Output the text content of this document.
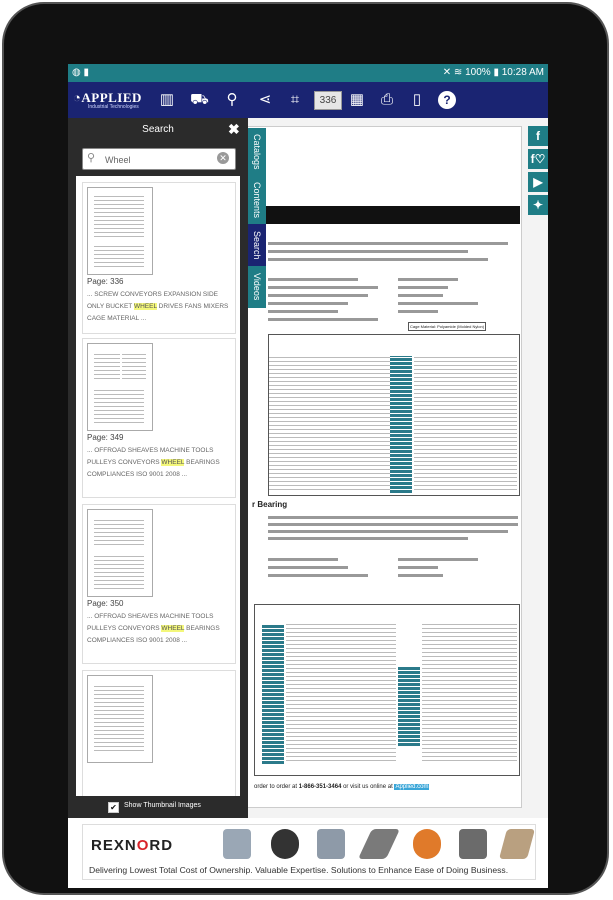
◍ ▮	✕ ≋ 100% ▮ 10:28 AM
◔APPLIED
Industrial Technologies ▥ ⛟ ⚲ ⋖	⌗	336 ▦ ⎙	▯	?
Cage Material: Polyamide (Molded Nylon)
r Bearing
order to order at 1-866-351-3464 or visit us online at Applied.com
f
f♡
▶
✦
Catalogs
Contents
Search
Videos
Search	✖
⚲
Wheel	✕
Page: 336
... SCREW CONVEYORS EXPANSION SIDE ONLY BUCKET WHEEL DRIVES FANS MIXERS CAGE MATERIAL ...
Page: 349
... OFFROAD SHEAVES MACHINE TOOLS PULLEYS CONVEYORS WHEEL BEARINGS COMPLIANCES ISO 9001 2008 ...
Page: 350
... OFFROAD SHEAVES MACHINE TOOLS PULLEYS CONVEYORS WHEEL BEARINGS COMPLIANCES ISO 9001 2008 ...
✔	Show Thumbnail Images
REXNORD
Delivering Lowest Total Cost of Ownership. Valuable Expertise. Solutions to Enhance Ease of Doing Business.
